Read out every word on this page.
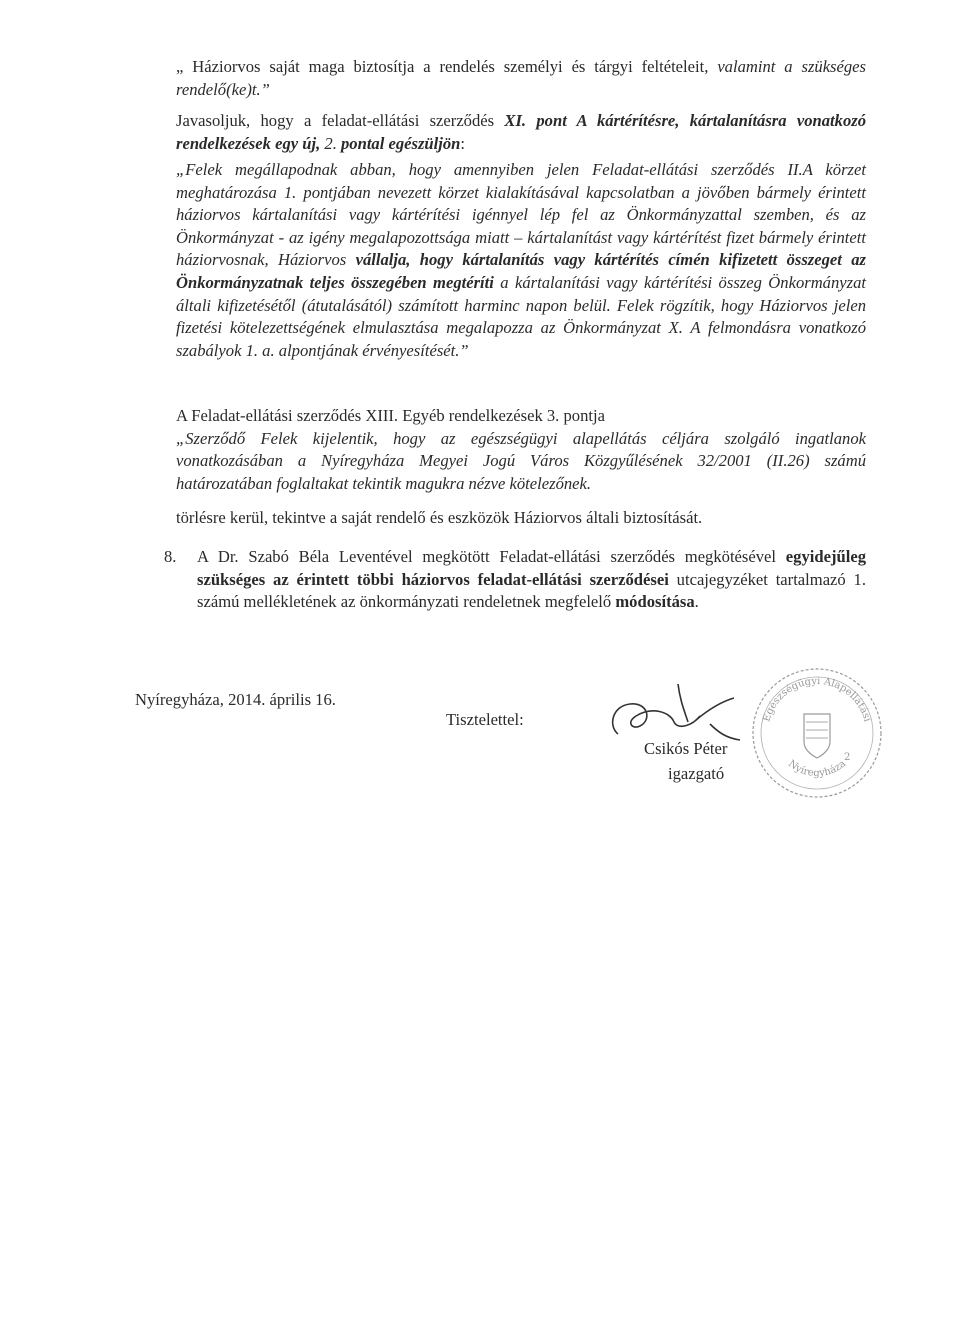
„ Háziorvos saját maga biztosítja a rendelés személyi és tárgyi feltételeit, valamint a szükséges rendelő(ke)t.”

Javasoljuk, hogy a feladat-ellátási szerződés XI. pont A kártérítésre, kártalanításra vonatkozó rendelkezések egy új, 2. pontal egészüljön:

„Felek megállapodnak abban, hogy amennyiben jelen Feladat-ellátási szerződés II.A körzet meghatározása 1. pontjában nevezett körzet kialakításával kapcsolatban a jövőben bármely érintett háziorvos kártalanítási vagy kártérítési igénnyel lép fel az Önkormányzattal szemben, és az Önkormányzat - az igény megalapozottsága miatt – kártalanítást vagy kártérítést fizet bármely érintett háziorvosnak, Háziorvos vállalja, hogy kártalanítás vagy kártérítés címén kifizetett összeget az Önkormányzatnak teljes összegében megtéríti a kártalanítási vagy kártérítési összeg Önkormányzat általi kifizetésétől (átutalásától) számított harminc napon belül. Felek rögzítik, hogy Háziorvos jelen fizetési kötelezettségének elmulasztása megalapozza az Önkormányzat X. A felmondásra vonatkozó szabályok 1. a. alpontjának érvényesítését.”

A Feladat-ellátási szerződés XIII. Egyéb rendelkezések 3. pontja

„Szerződő Felek kijelentik, hogy az egészségügyi alapellátás céljára szolgáló ingatlanok vonatkozásában a Nyíregyháza Megyei Jogú Város Közgyűlésének 32/2001 (II.26) számú határozatában foglaltakat tekintik magukra nézve kötelezőnek.

törlésre kerül, tekintve a saját rendelő és eszközök Háziorvos általi biztosítását.

8.	A Dr. Szabó Béla Leventével megkötött Feladat-ellátási szerződés megkötésével egyidejűleg szükséges az érintett többi háziorvos feladat-ellátási szerződései utcajegyzéket tartalmazó 1. számú mellékletének az önkormányzati rendeletnek megfelelő módosítása.
Nyíregyháza, 2014. április 16.
Tisztelettel:
Csikós Péter
igazgató
Egészségügyi Alapellátási
Nyíregyháza
2
